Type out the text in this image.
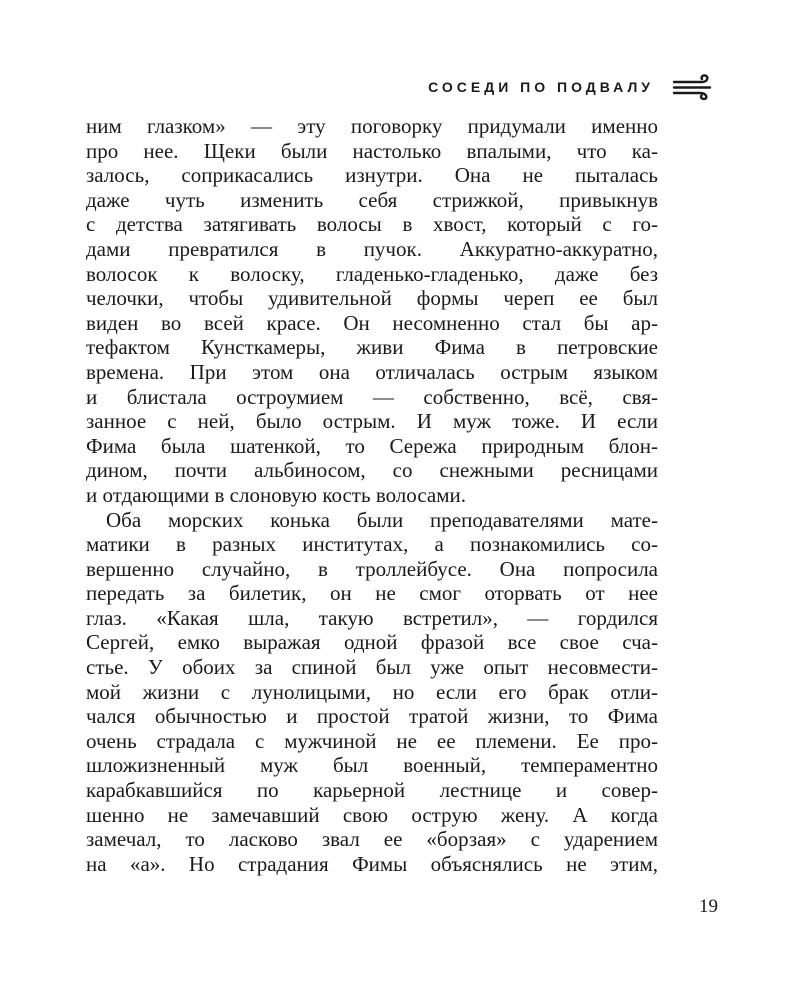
СОСЕДИ ПО ПОДВАЛУ
ним глазком» — эту поговорку придумали именно
про нее. Щеки были настолько впалыми, что ка-
залось, соприкасались изнутри. Она не пыталась
даже чуть изменить себя стрижкой, привыкнув
с детства затягивать волосы в хвост, который с го-
дами превратился в пучок. Аккуратно-аккуратно,
волосок к волоску, гладенько-гладенько, даже без
челочки, чтобы удивительной формы череп ее был
виден во всей красе. Он несомненно стал бы ар-
тефактом Кунсткамеры, живи Фима в петровские
времена. При этом она отличалась острым языком
и блистала остроумием — собственно, всё, свя-
занное с ней, было острым. И муж тоже. И если
Фима была шатенкой, то Сережа природным блон-
дином, почти альбиносом, со снежными ресницами
и отдающими в слоновую кость волосами.
Оба морских конька были преподавателями мате-
матики в разных институтах, а познакомились со-
вершенно случайно, в троллейбусе. Она попросила
передать за билетик, он не смог оторвать от нее
глаз. «Какая шла, такую встретил», — гордился
Сергей, емко выражая одной фразой все свое сча-
стье. У обоих за спиной был уже опыт несовмести-
мой жизни с лунолицыми, но если его брак отли-
чался обычностью и простой тратой жизни, то Фима
очень страдала с мужчиной не ее племени. Ее про-
шложизненный муж был военный, темпераментно
карабкавшийся по карьерной лестнице и совер-
шенно не замечавший свою острую жену. А когда
замечал, то ласково звал ее «борзая» с ударением
на «а». Но страдания Фимы объяснялись не этим,
19
